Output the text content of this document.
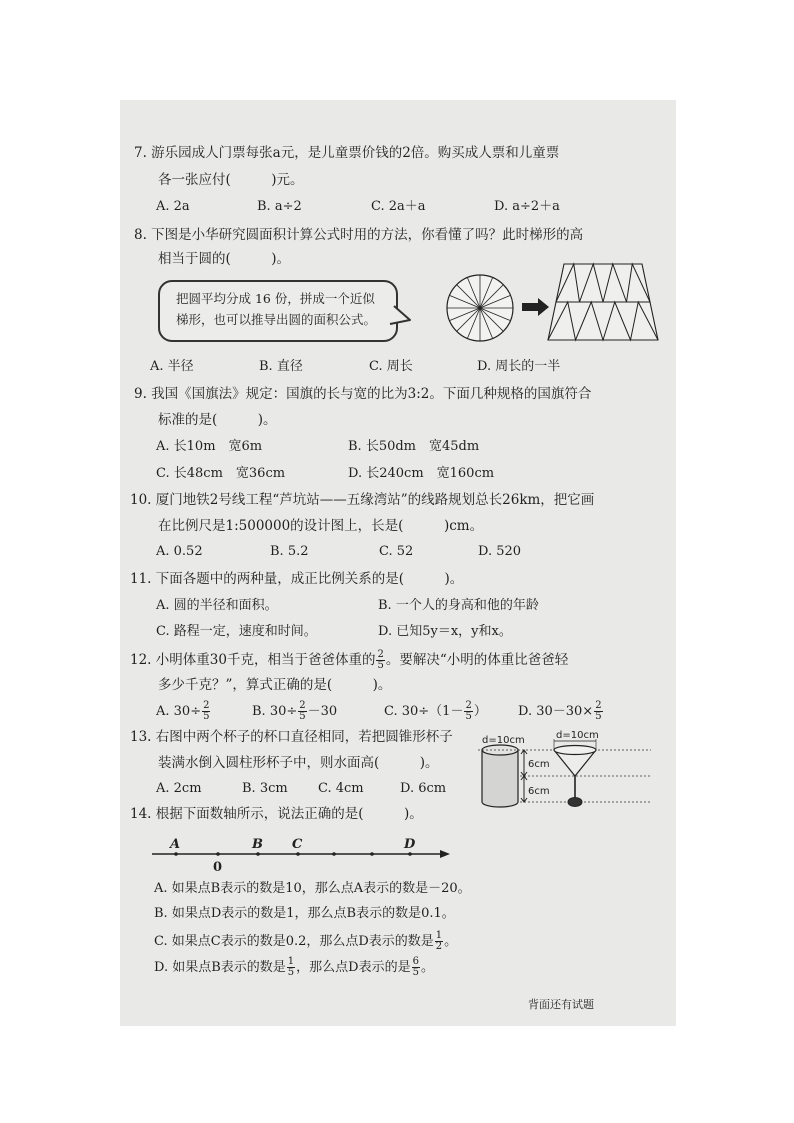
7. 游乐园成人门票每张a元，是儿童票价钱的2倍。购买成人票和儿童票
各一张应付(　　　)元。
A. 2a	B. a÷2	C. 2a＋a	D. a÷2＋a
8. 下图是小华研究圆面积计算公式时用的方法，你看懂了吗？此时梯形的高
相当于圆的(　　　)。
把圆平均分成 16 份，拼成一个近似
梯形，也可以推导出圆的面积公式。
A. 半径	B. 直径	C. 周长	D. 周长的一半
9. 我国《国旗法》规定：国旗的长与宽的比为3:2。下面几种规格的国旗符合
标准的是(　　　)。
A. 长10m　宽6m	B. 长50dm　宽45dm
C. 长48cm　宽36cm	D. 长240cm　宽160cm
10. 厦门地铁2号线工程“芦坑站——五缘湾站”的线路规划总长26km，把它画
在比例尺是1:500000的设计图上，长是(　　　)cm。
A. 0.52	B. 5.2	C. 52	D. 520
11. 下面各题中的两种量，成正比例关系的是(　　　)。
A. 圆的半径和面积。	B. 一个人的身高和他的年龄
C. 路程一定，速度和时间。	D. 已知5y＝x，y和x。
12. 小明体重30千克，相当于爸爸体重的 $\frac{2}{5}$ 。要解决“小明的体重比爸爸轻
多少千克？”，算式正确的是(　　　)。
A. $30\div \frac{2}{5}$	B. $30\div \frac{2}{5} -30$	C. $30\div(1- \frac{2}{5}$ ） D. $30-30\times \frac{2}{5}$
13. 右图中两个杯子的杯口直径相同，若把圆锥形杯子
装满水倒入圆柱形杯子中，则水面高(　　　)。
A. 2cm	B. 3cm C. 4cm	D. 6cm
d=10cm	d=10cm
6cm
6cm
14. 根据下面数轴所示，说法正确的是(　　　)。
A
0
B C	D
A. 如果点B表示的数是10，那么点A表示的数是－20。
B. 如果点D表示的数是1，那么点B表示的数是0.1。
C. 如果点C表示的数是0.2，那么点D表示的数是 $\frac{1}{2}$ 。
D. 如果点B表示的数是 $\frac{1}{5}$ ，那么点D表示的是 $\frac{6}{5}$ 。
背面还有试题
